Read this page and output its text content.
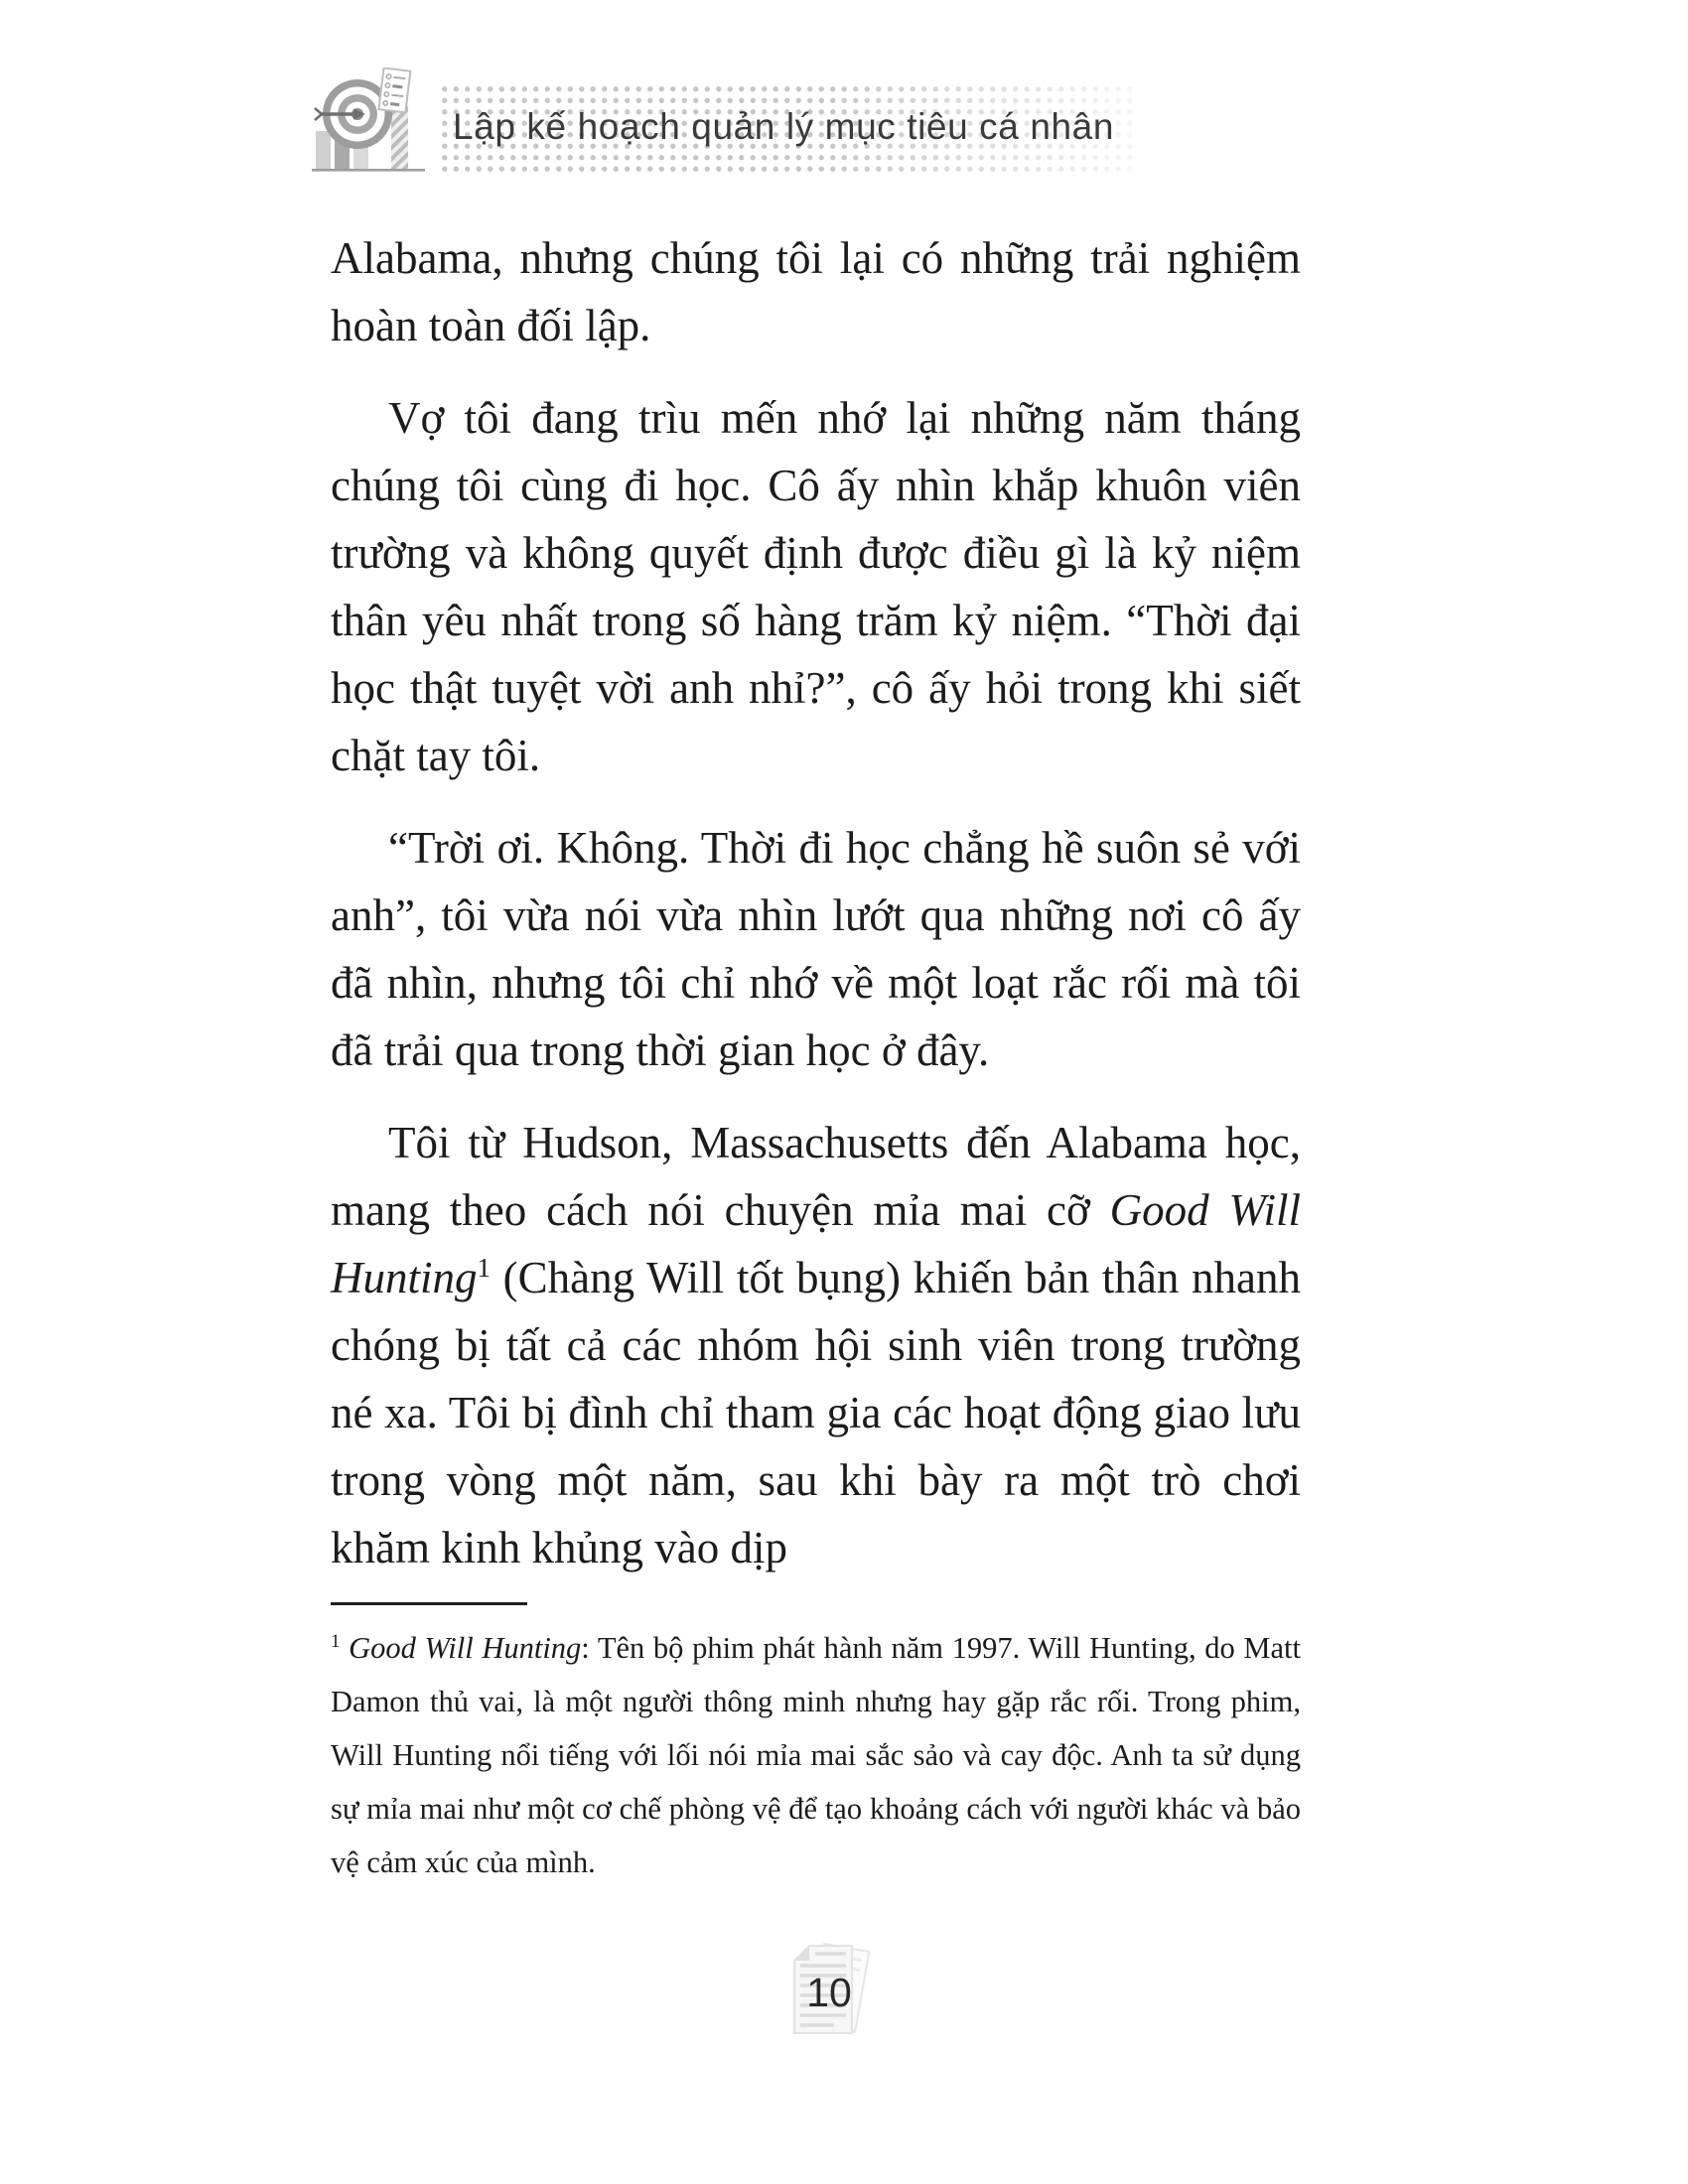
Lập kế hoạch quản lý mục tiêu cá nhân

Alabama, nhưng chúng tôi lại có những trải nghiệm hoàn toàn đối lập.

Vợ tôi đang trìu mến nhớ lại những năm tháng chúng tôi cùng đi học. Cô ấy nhìn khắp khuôn viên trường và không quyết định được điều gì là kỷ niệm thân yêu nhất trong số hàng trăm kỷ niệm. “Thời đại học thật tuyệt vời anh nhỉ?”, cô ấy hỏi trong khi siết chặt tay tôi.

“Trời ơi. Không. Thời đi học chẳng hề suôn sẻ với anh”, tôi vừa nói vừa nhìn lướt qua những nơi cô ấy đã nhìn, nhưng tôi chỉ nhớ về một loạt rắc rối mà tôi đã trải qua trong thời gian học ở đây.

Tôi từ Hudson, Massachusetts đến Alabama học, mang theo cách nói chuyện mỉa mai cỡ Good Will Hunting$^1$ (Chàng Will tốt bụng) khiến bản thân nhanh chóng bị tất cả các nhóm hội sinh viên trong trường né xa. Tôi bị đình chỉ tham gia các hoạt động giao lưu trong vòng một năm, sau khi bày ra một trò chơi khăm kinh khủng vào dịp

$^1$ Good Will Hunting: Tên bộ phim phát hành năm 1997. Will Hunting, do Matt Damon thủ vai, là một người thông minh nhưng hay gặp rắc rối. Trong phim, Will Hunting nổi tiếng với lối nói mỉa mai sắc sảo và cay độc. Anh ta sử dụng sự mỉa mai như một cơ chế phòng vệ để tạo khoảng cách với người khác và bảo vệ cảm xúc của mình.
10
